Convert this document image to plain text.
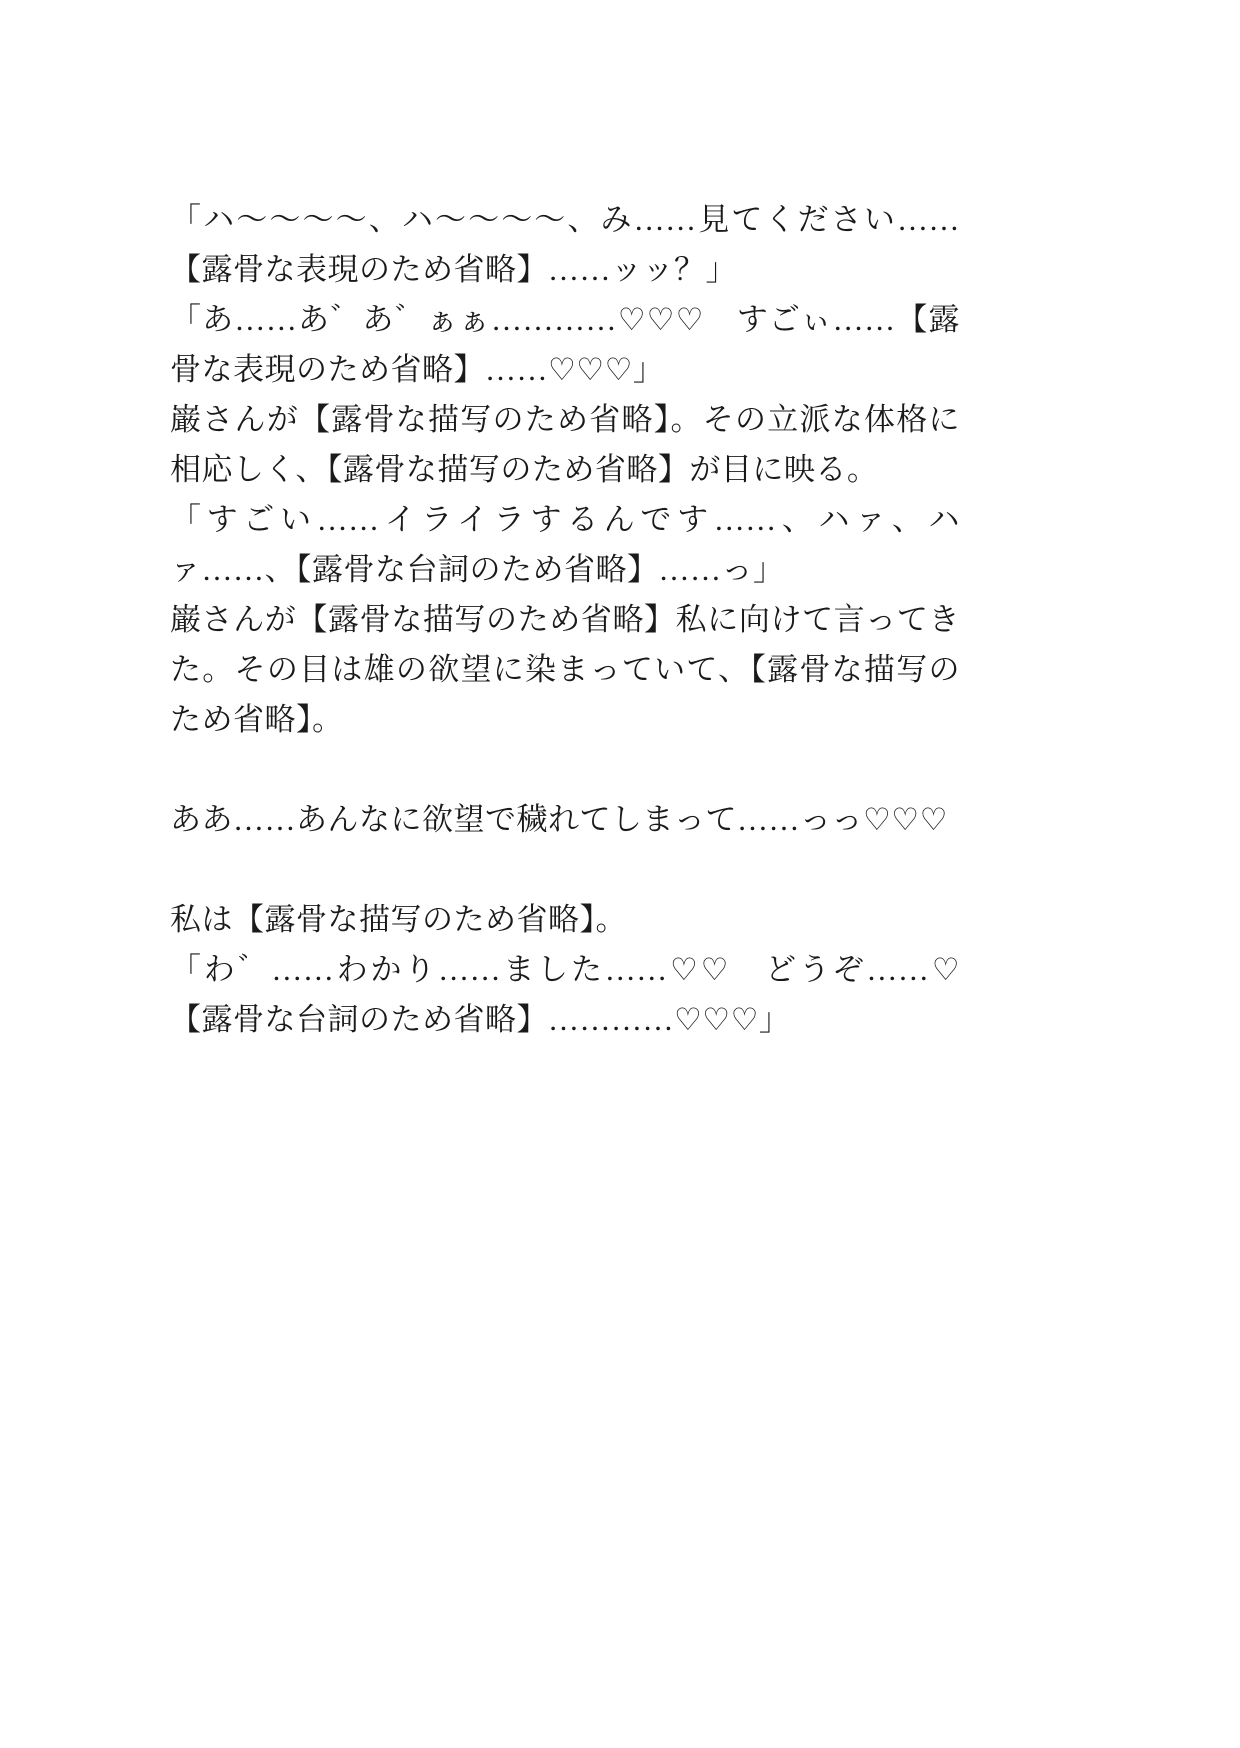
「ハ～～～～、ハ～～～～、み……見てください……【露骨な表現のため省略】……ッッ？」

「あ……あ゛あ゛ぁぁ…………♡♡♡　すごぃ……【露骨な表現のため省略】……♡♡♡」

巌さんが【露骨な描写のため省略】。その立派な体格に相応しく、【露骨な描写のため省略】が目に映る。

「すごい……イライラするんです……、ハァ、ハァ……、【露骨な台詞のため省略】……っ」

巌さんが【露骨な描写のため省略】私に向けて言ってきた。その目は雄の欲望に染まっていて、【露骨な描写のため省略】。

ああ……あんなに欲望で穢れてしまって……っっ♡♡♡

私は【露骨な描写のため省略】。

「わ゛……わかり……ました……♡♡　どうぞ……♡【露骨な台詞のため省略】…………♡♡♡」
